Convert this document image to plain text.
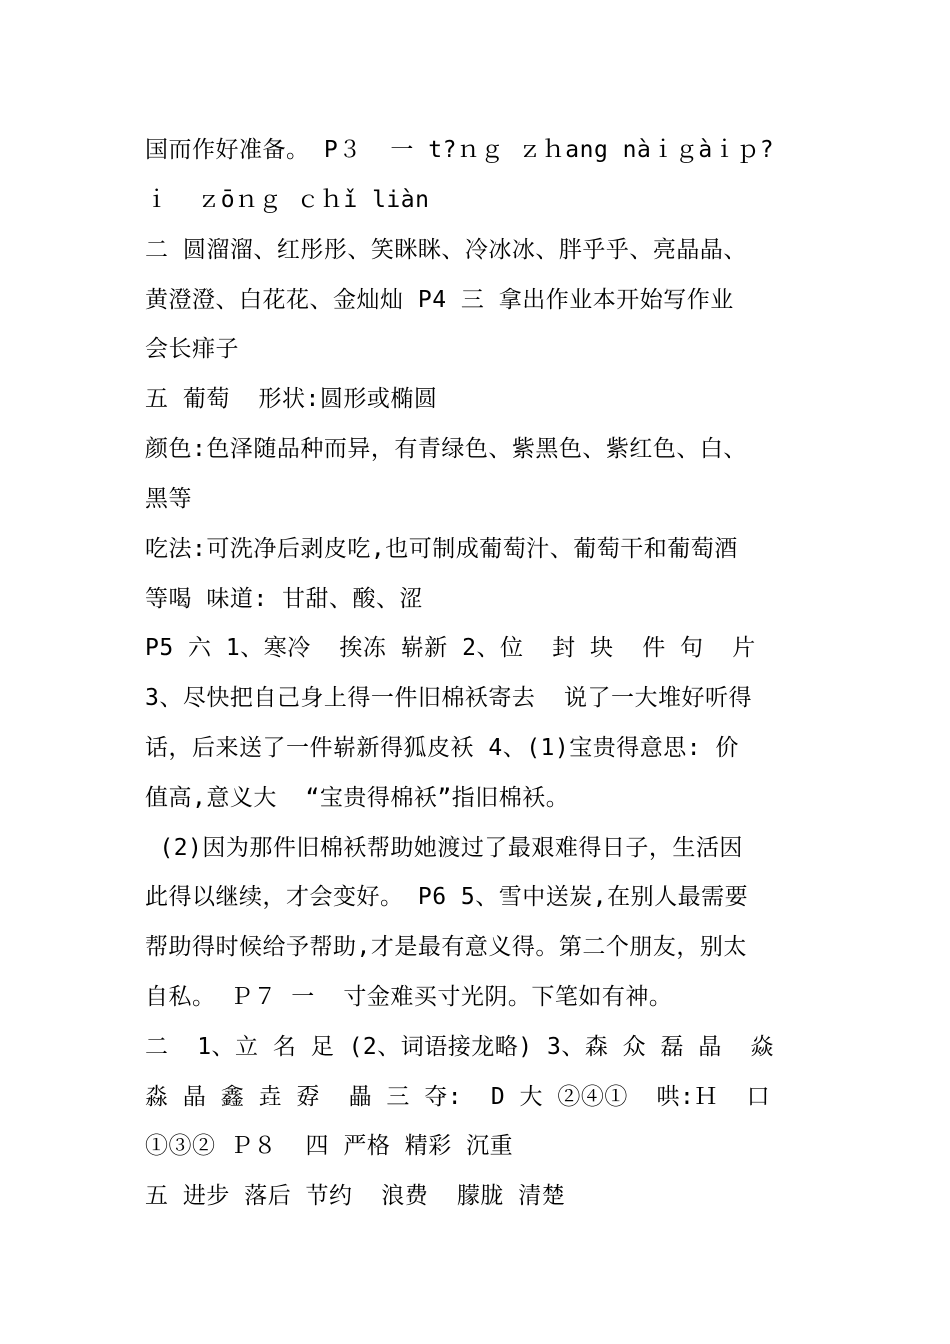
国而作好准备。 P３  一 t?ｎｇ ｚｈang nàｉｇàｉｐ?
ｉ  ｚōｎｇ ｃｈǐ liàn
二 圆溜溜、红彤彤、笑眯眯、冷冰冰、胖乎乎、亮晶晶、
黄澄澄、白花花、金灿灿 P4 三 拿出作业本开始写作业
会长痱子
五 葡萄  形状:圆形或椭圆
颜色:色泽随品种而异，有青绿色、紫黑色、紫红色、白、
黑等
吃法:可洗净后剥皮吃,也可制成葡萄汁、葡萄干和葡萄酒
等喝 味道: 甘甜、酸、涩
P5 六 1、寒冷  挨冻 崭新 2、位  封 块  件 句  片
3、尽快把自己身上得一件旧棉袄寄去  说了一大堆好听得
话，后来送了一件崭新得狐皮袄 4、(1)宝贵得意思: 价
值高,意义大  “宝贵得棉袄”指旧棉袄。
(2)因为那件旧棉袄帮助她渡过了最艰难得日子，生活因
此得以继续，才会变好。 P6 5、雪中送炭,在别人最需要
帮助得时候给予帮助,才是最有意义得。第二个朋友，别太
自私。 Ｐ７ 一  寸金难买寸光阴。下笔如有神。
二  1、立 名 足 (2、词语接龙略) 3、森 众 磊 晶  焱
淼 晶 鑫 垚 孬  畾 三 夺:  D 大 ②④①  哄:Ｈ  口
①③② Ｐ８  四 严格 精彩 沉重
五 进步 落后 节约  浪费  朦胧 清楚
